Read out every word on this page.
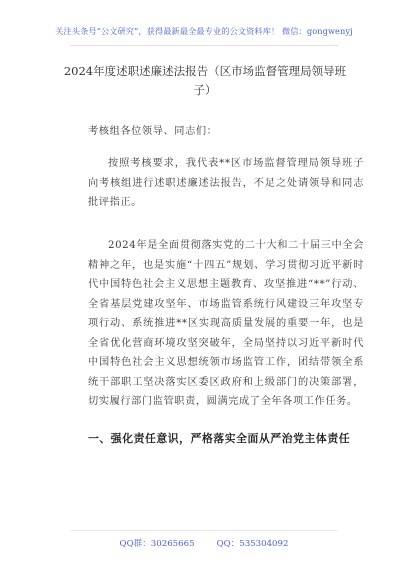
关注头条号“公文研究”，获得最新最全最专业的公文资料库！ 微信：gongwenyj
2024年度述职述廉述法报告（区市场监督管理局领导班子）
考核组各位领导、同志们：
按照考核要求，我代表**区市场监督管理局领导班子向考核组进行述职述廉述法报告，不足之处请领导和同志批评指正。
2024年是全面贯彻落实党的二十大和二十届三中全会精神之年，也是实施“十四五”规划、学习贯彻习近平新时代中国特色社会主义思想主题教育、攻坚推进“**”行动、全省基层党建攻坚年、市场监管系统行风建设三年攻坚专项行动、系统推进**区实现高质量发展的重要一年，也是全省优化营商环境攻坚突破年，全局坚持以习近平新时代中国特色社会主义思想统领市场监管工作，团结带领全系统干部职工坚决落实区委区政府和上级部门的决策部署，切实履行部门监管职责，圆满完成了全年各项工作任务。
一、强化责任意识，严格落实全面从严治党主体责任
QQ群：30265665	QQ：535304092
